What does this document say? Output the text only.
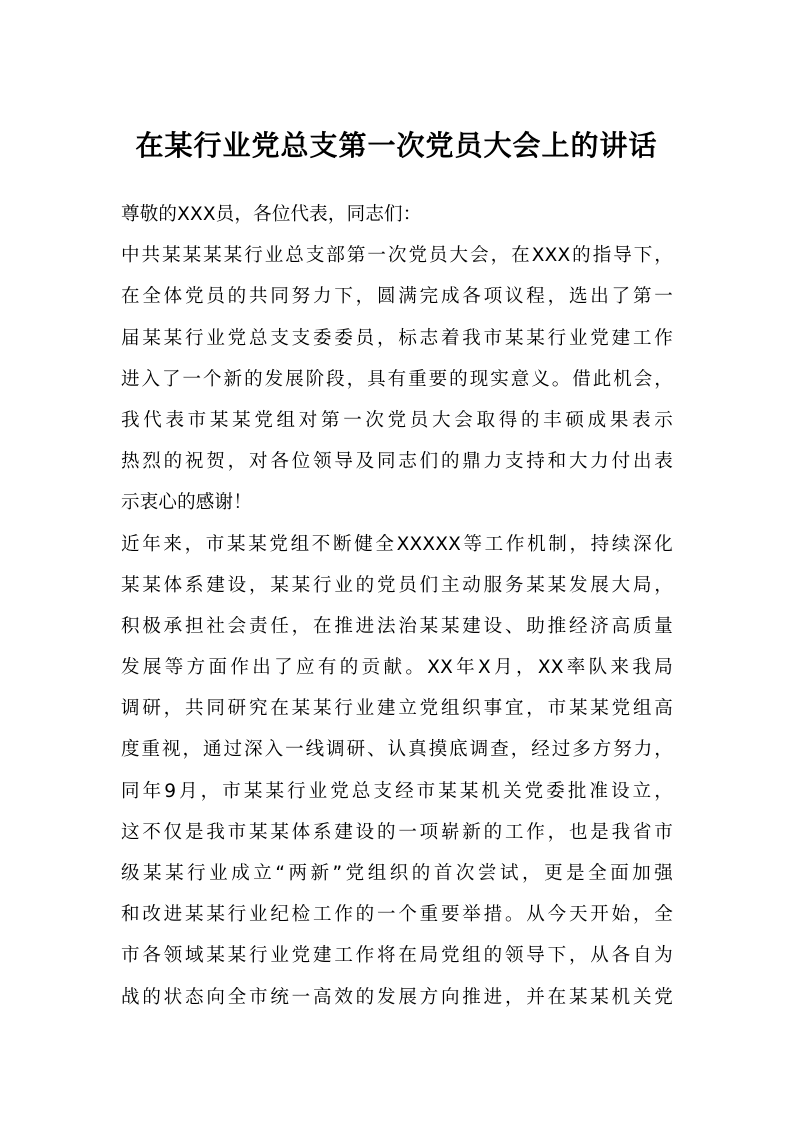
在某行业党总支第一次党员大会上的讲话
尊敬的XXX员，各位代表，同志们：
中共某某某某行业总支部第一次党员大会，在XXX的指导下，
在全体党员的共同努力下，圆满完成各项议程，选出了第一
届某某行业党总支支委委员，标志着我市某某行业党建工作
进入了一个新的发展阶段，具有重要的现实意义。借此机会，
我代表市某某党组对第一次党员大会取得的丰硕成果表示
热烈的祝贺，对各位领导及同志们的鼎力支持和大力付出表
示衷心的感谢！
近年来，市某某党组不断健全XXXXX等工作机制，持续深化
某某体系建设，某某行业的党员们主动服务某某发展大局，
积极承担社会责任，在推进法治某某建设、助推经济高质量
发展等方面作出了应有的贡献。XX年X月，XX率队来我局
调研，共同研究在某某行业建立党组织事宜，市某某党组高
度重视，通过深入一线调研、认真摸底调查，经过多方努力，
同年9月，市某某行业党总支经市某某机关党委批准设立，
这不仅是我市某某体系建设的一项崭新的工作，也是我省市
级某某行业成立“两新”党组织的首次尝试，更是全面加强
和改进某某行业纪检工作的一个重要举措。从今天开始，全
市各领域某某行业党建工作将在局党组的领导下，从各自为
战的状态向全市统一高效的发展方向推进，并在某某机关党
